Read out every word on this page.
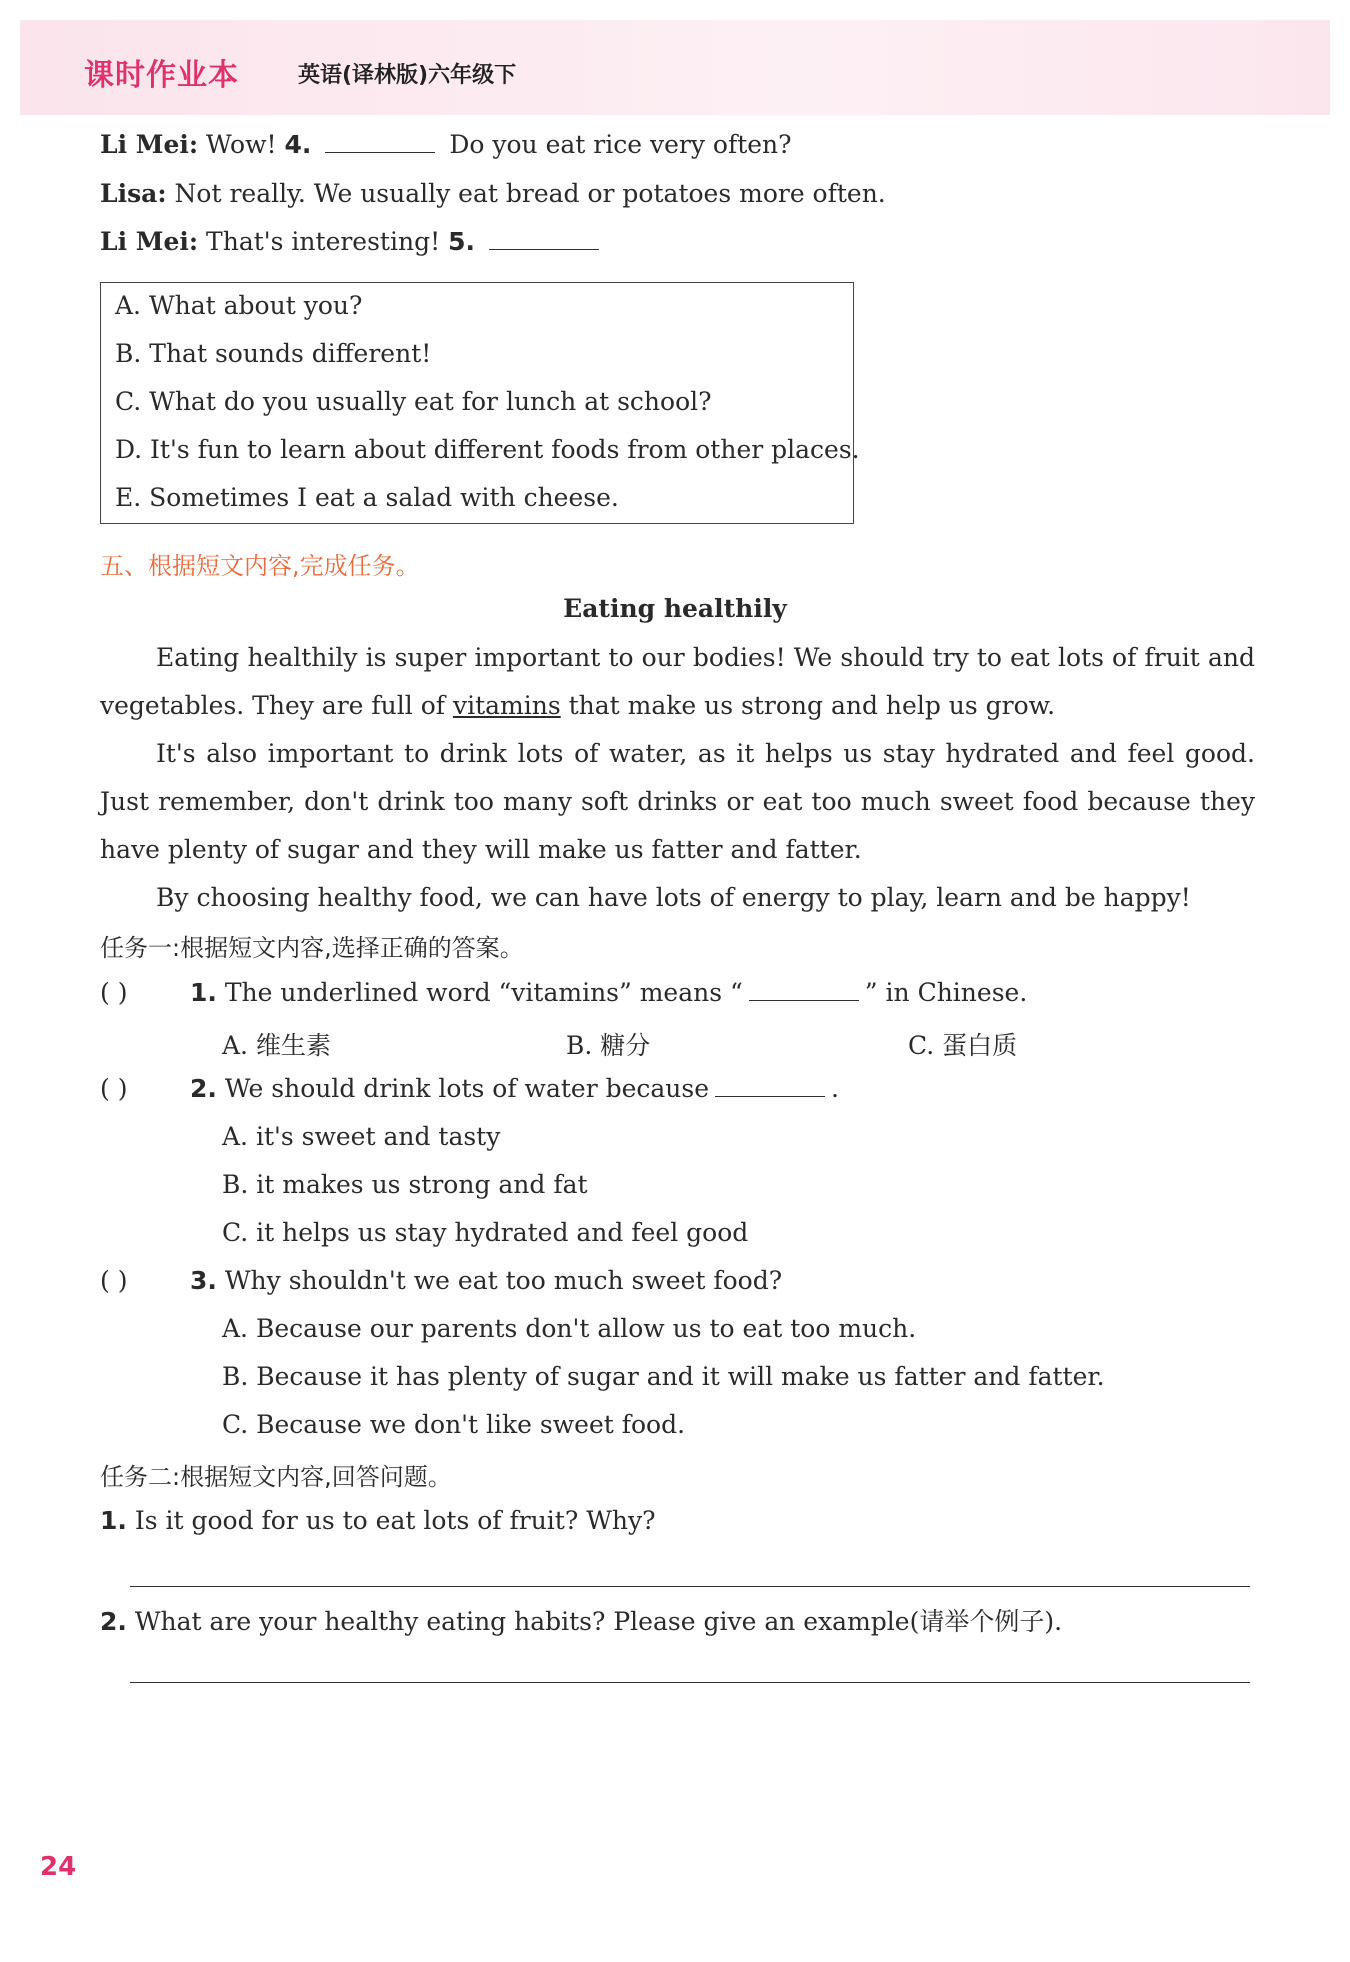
课时作业本	英语(译林版)六年级下
Li Mei: Wow! 4.	Do you eat rice very often?
Lisa: Not really. We usually eat bread or potatoes more often.
Li Mei: That's interesting! 5.
A. What about you?
B. That sounds different!
C. What do you usually eat for lunch at school?
D. It's fun to learn about different foods from other places.
E. Sometimes I eat a salad with cheese.
五、根据短文内容,完成任务。
Eating healthily

Eating healthily is super important to our bodies! We should try to eat lots of fruit and vegetables. They are full of vitamins that make us strong and help us grow.

It's also important to drink lots of water, as it helps us stay hydrated and feel good. Just remember, don't drink too many soft drinks or eat too much sweet food because they have plenty of sugar and they will make us fatter and fatter.

By choosing healthy food, we can have lots of energy to play, learn and be happy!

任务一:根据短文内容,选择正确的答案。
( )	1. The underlined word “vitamins” means “	” in Chinese.
A. 维生素	B. 糖分	C. 蛋白质
( )	2. We should drink lots of water because	.
A. it's sweet and tasty
B. it makes us strong and fat
C. it helps us stay hydrated and feel good
( )	3. Why shouldn't we eat too much sweet food?
A. Because our parents don't allow us to eat too much.
B. Because it has plenty of sugar and it will make us fatter and fatter.
C. Because we don't like sweet food.
任务二:根据短文内容,回答问题。
1. Is it good for us to eat lots of fruit? Why?
2. What are your healthy eating habits? Please give an example(请举个例子).
24
